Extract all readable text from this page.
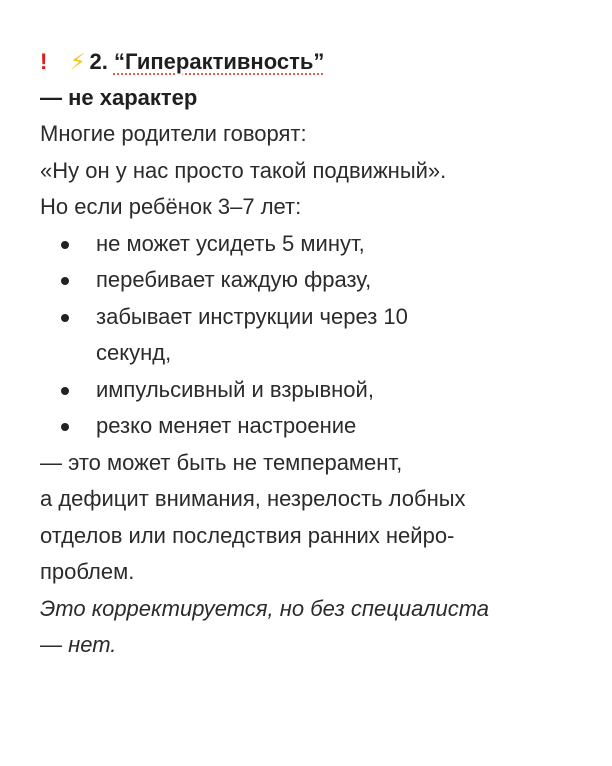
! ⚡ 2. “Гиперактивность”
— не характер
Многие родители говорят:
«Ну он у нас просто такой подвижный».
Но если ребёнок 3–7 лет:
не может усидеть 5 минут,
перебивает каждую фразу,
забывает инструкции через 10
секунд,
импульсивный и взрывной,
резко меняет настроение
— это может быть не темперамент,
а дефицит внимания, незрелость лобных
отделов или последствия ранних нейро-
проблем.
Это корректируется, но без специалиста
— нет.
